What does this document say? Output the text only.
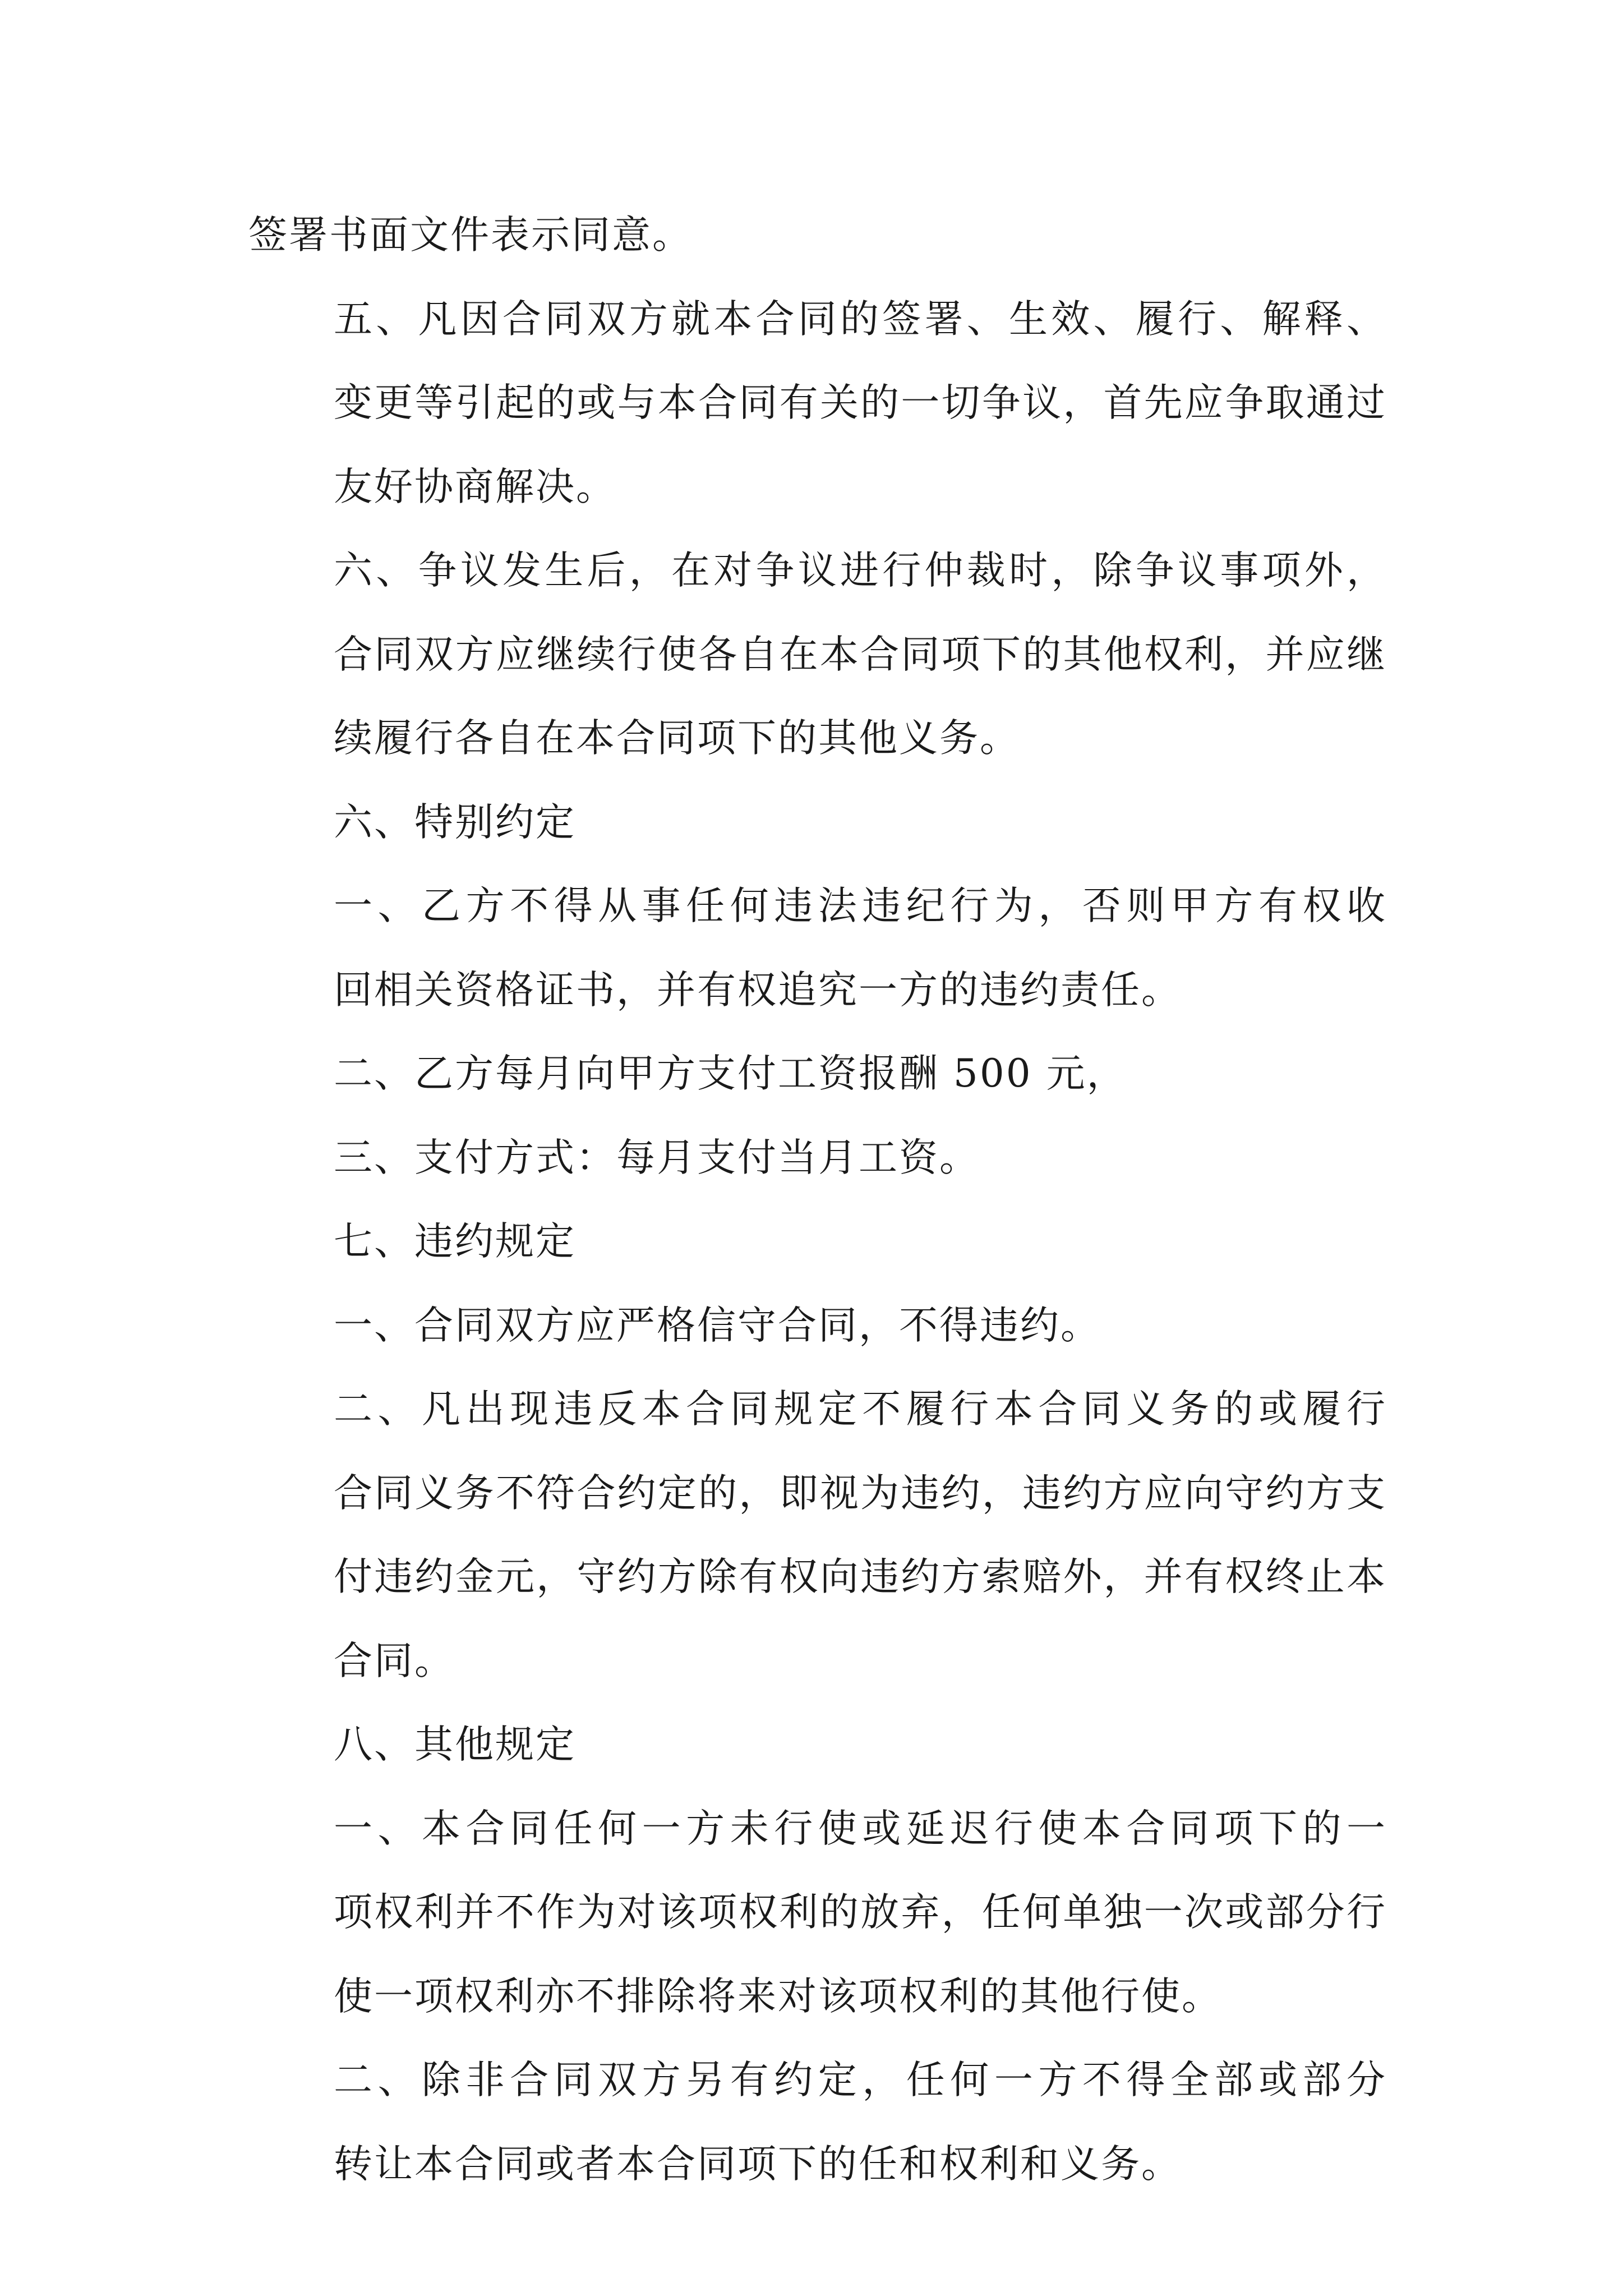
签署书面文件表示同意。

五、凡因合同双方就本合同的签署、生效、履行、解释、
变更等引起的或与本合同有关的一切争议，首先应争取通过
友好协商解决。

六、争议发生后，在对争议进行仲裁时，除争议事项外，
合同双方应继续行使各自在本合同项下的其他权利，并应继
续履行各自在本合同项下的其他义务。

六、特别约定

一、乙方不得从事任何违法违纪行为，否则甲方有权收
回相关资格证书，并有权追究一方的违约责任。

二、乙方每月向甲方支付工资报酬 500 元，

三、支付方式：每月支付当月工资。

七、违约规定

一、合同双方应严格信守合同，不得违约。

二、凡出现违反本合同规定不履行本合同义务的或履行
合同义务不符合约定的，即视为违约，违约方应向守约方支
付违约金元，守约方除有权向违约方索赔外，并有权终止本
合同。

八、其他规定

一、本合同任何一方未行使或延迟行使本合同项下的一
项权利并不作为对该项权利的放弃，任何单独一次或部分行
使一项权利亦不排除将来对该项权利的其他行使。

二、除非合同双方另有约定，任何一方不得全部或部分
转让本合同或者本合同项下的任和权利和义务。
